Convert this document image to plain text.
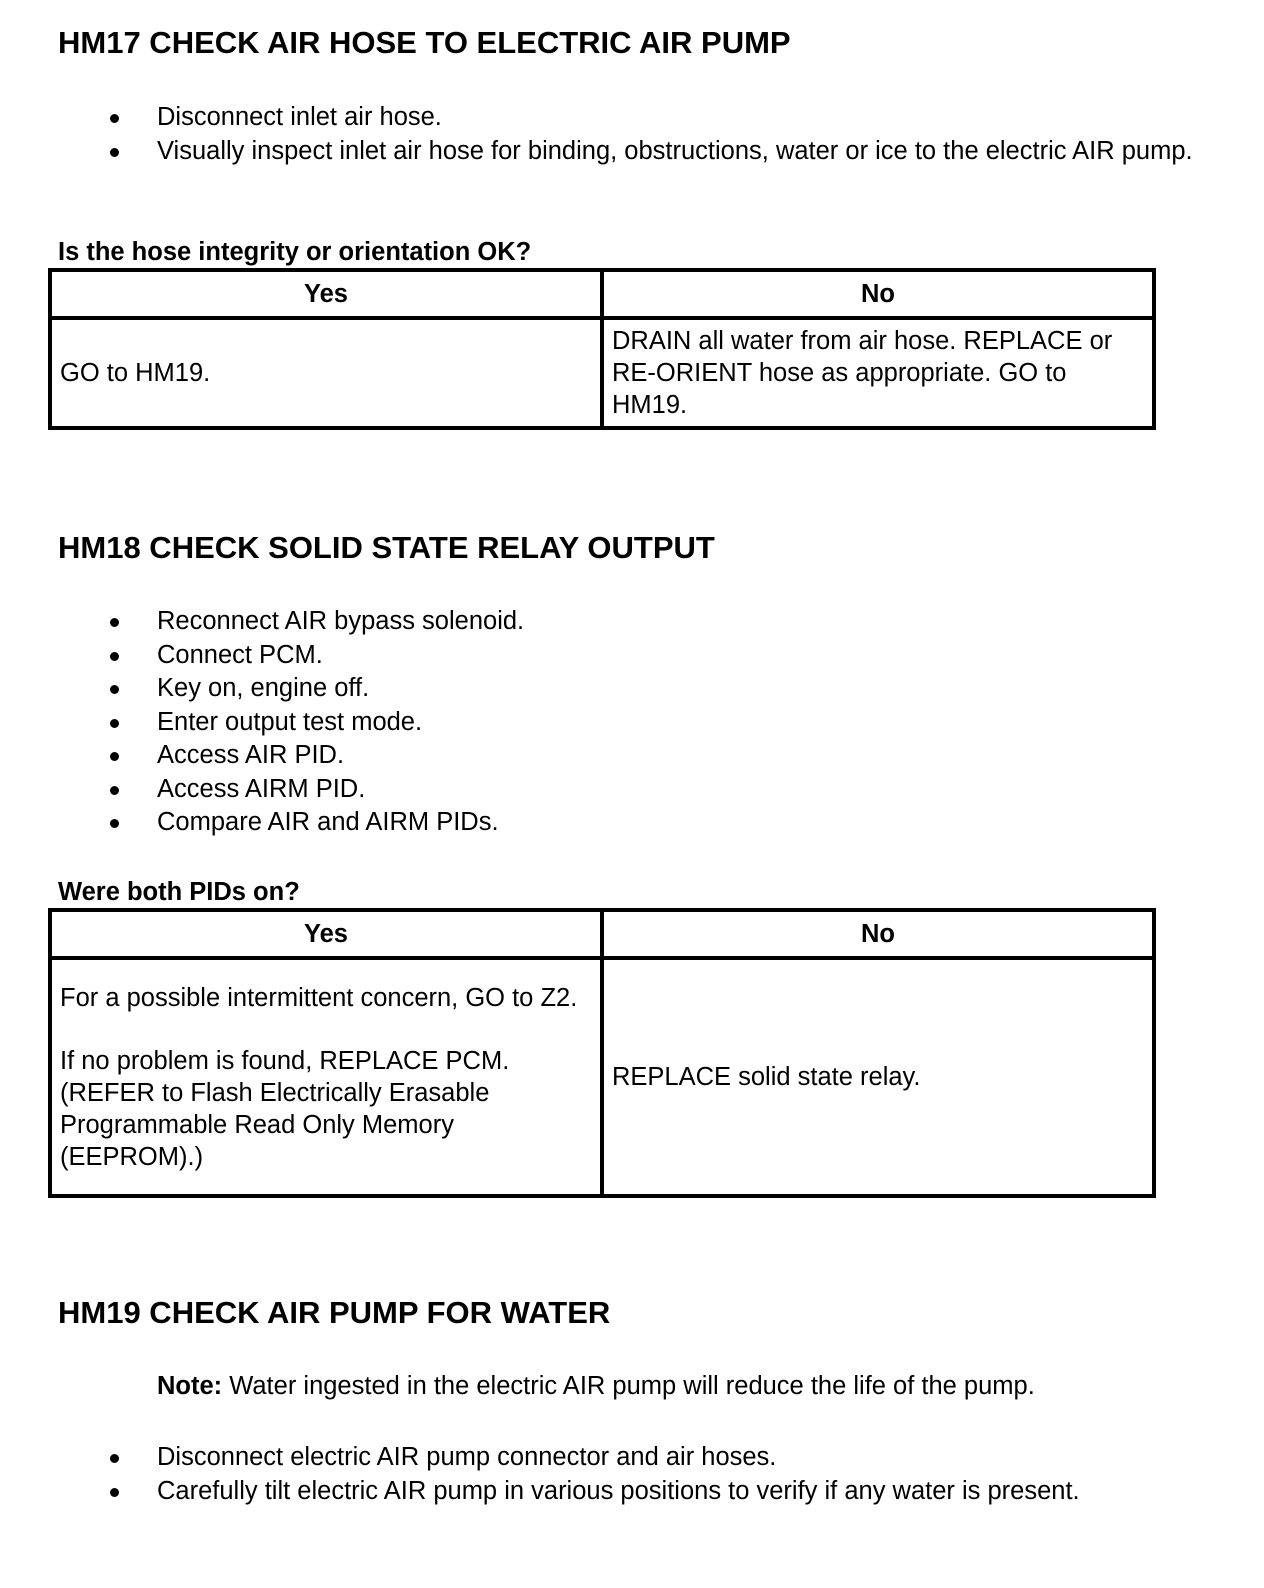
HM17 CHECK AIR HOSE TO ELECTRIC AIR PUMP
Disconnect inlet air hose.
Visually inspect inlet air hose for binding, obstructions, water or ice to the electric AIR pump.

Is the hose integrity or orientation OK?

Yes	No
GO to HM19.	DRAIN all water from air hose. REPLACE or RE-ORIENT hose as appropriate. GO to HM19.
HM18 CHECK SOLID STATE RELAY OUTPUT
Reconnect AIR bypass solenoid.
Connect PCM.
Key on, engine off.
Enter output test mode.
Access AIR PID.
Access AIRM PID.
Compare AIR and AIRM PIDs.

Were both PIDs on?

Yes	No

For a possible intermittent concern, GO to Z2.
If no problem is found, REPLACE PCM. (REFER to Flash Electrically Erasable Programmable Read Only Memory (EEPROM).)	REPLACE solid state relay.
HM19 CHECK AIR PUMP FOR WATER

Note: Water ingested in the electric AIR pump will reduce the life of the pump.

Disconnect electric AIR pump connector and air hoses.
Carefully tilt electric AIR pump in various positions to verify if any water is present.
